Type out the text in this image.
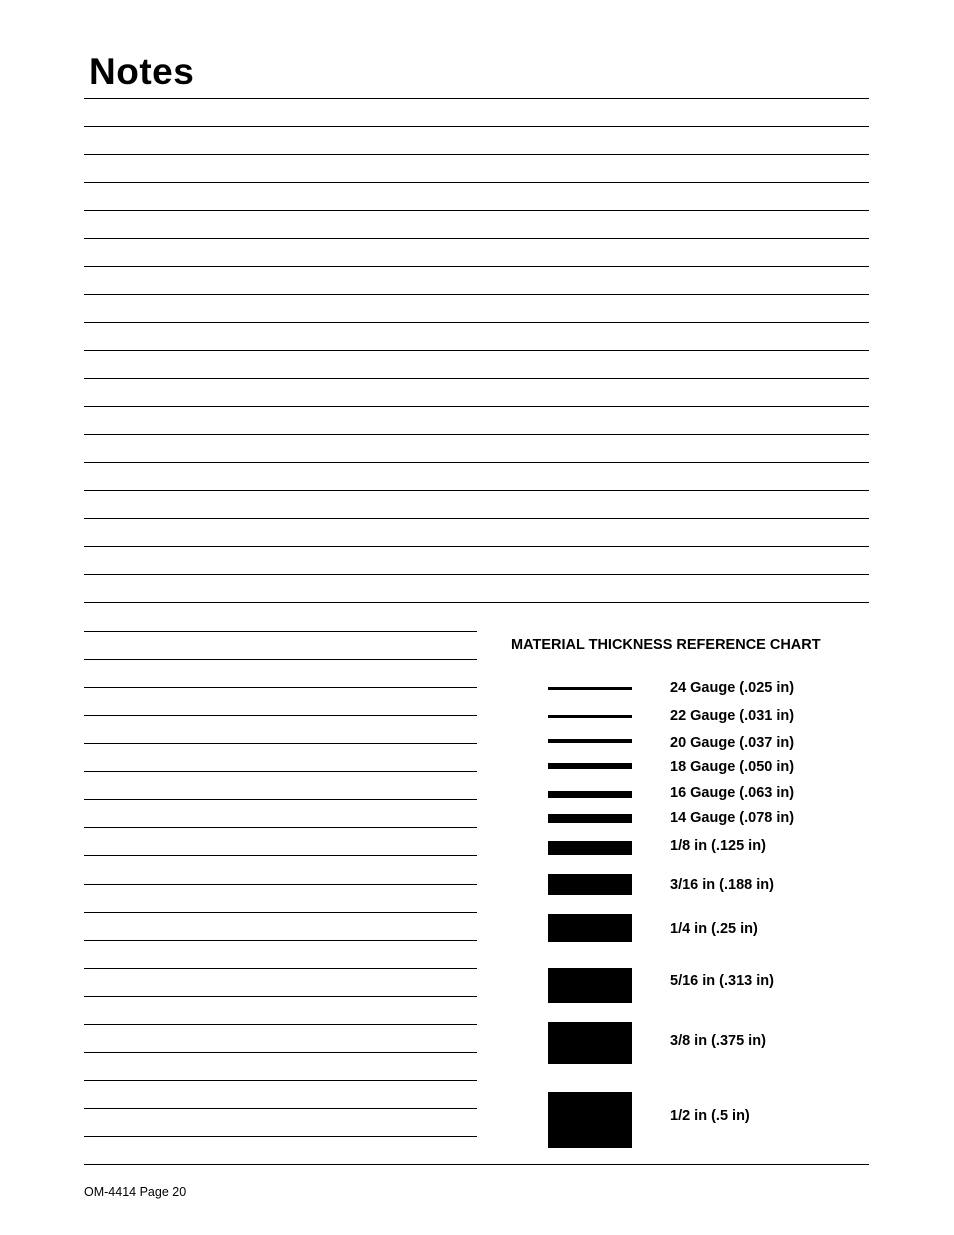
Notes
MATERIAL THICKNESS REFERENCE CHART
24 Gauge (.025 in)
22 Gauge (.031 in)
20 Gauge (.037 in)
18 Gauge (.050 in)
16 Gauge (.063 in)
14 Gauge (.078 in)
1/8 in (.125 in)
3/16 in (.188 in)
1/4 in (.25 in)
5/16 in (.313 in)
3/8 in (.375 in)
1/2 in (.5 in)
OM-4414 Page 20
